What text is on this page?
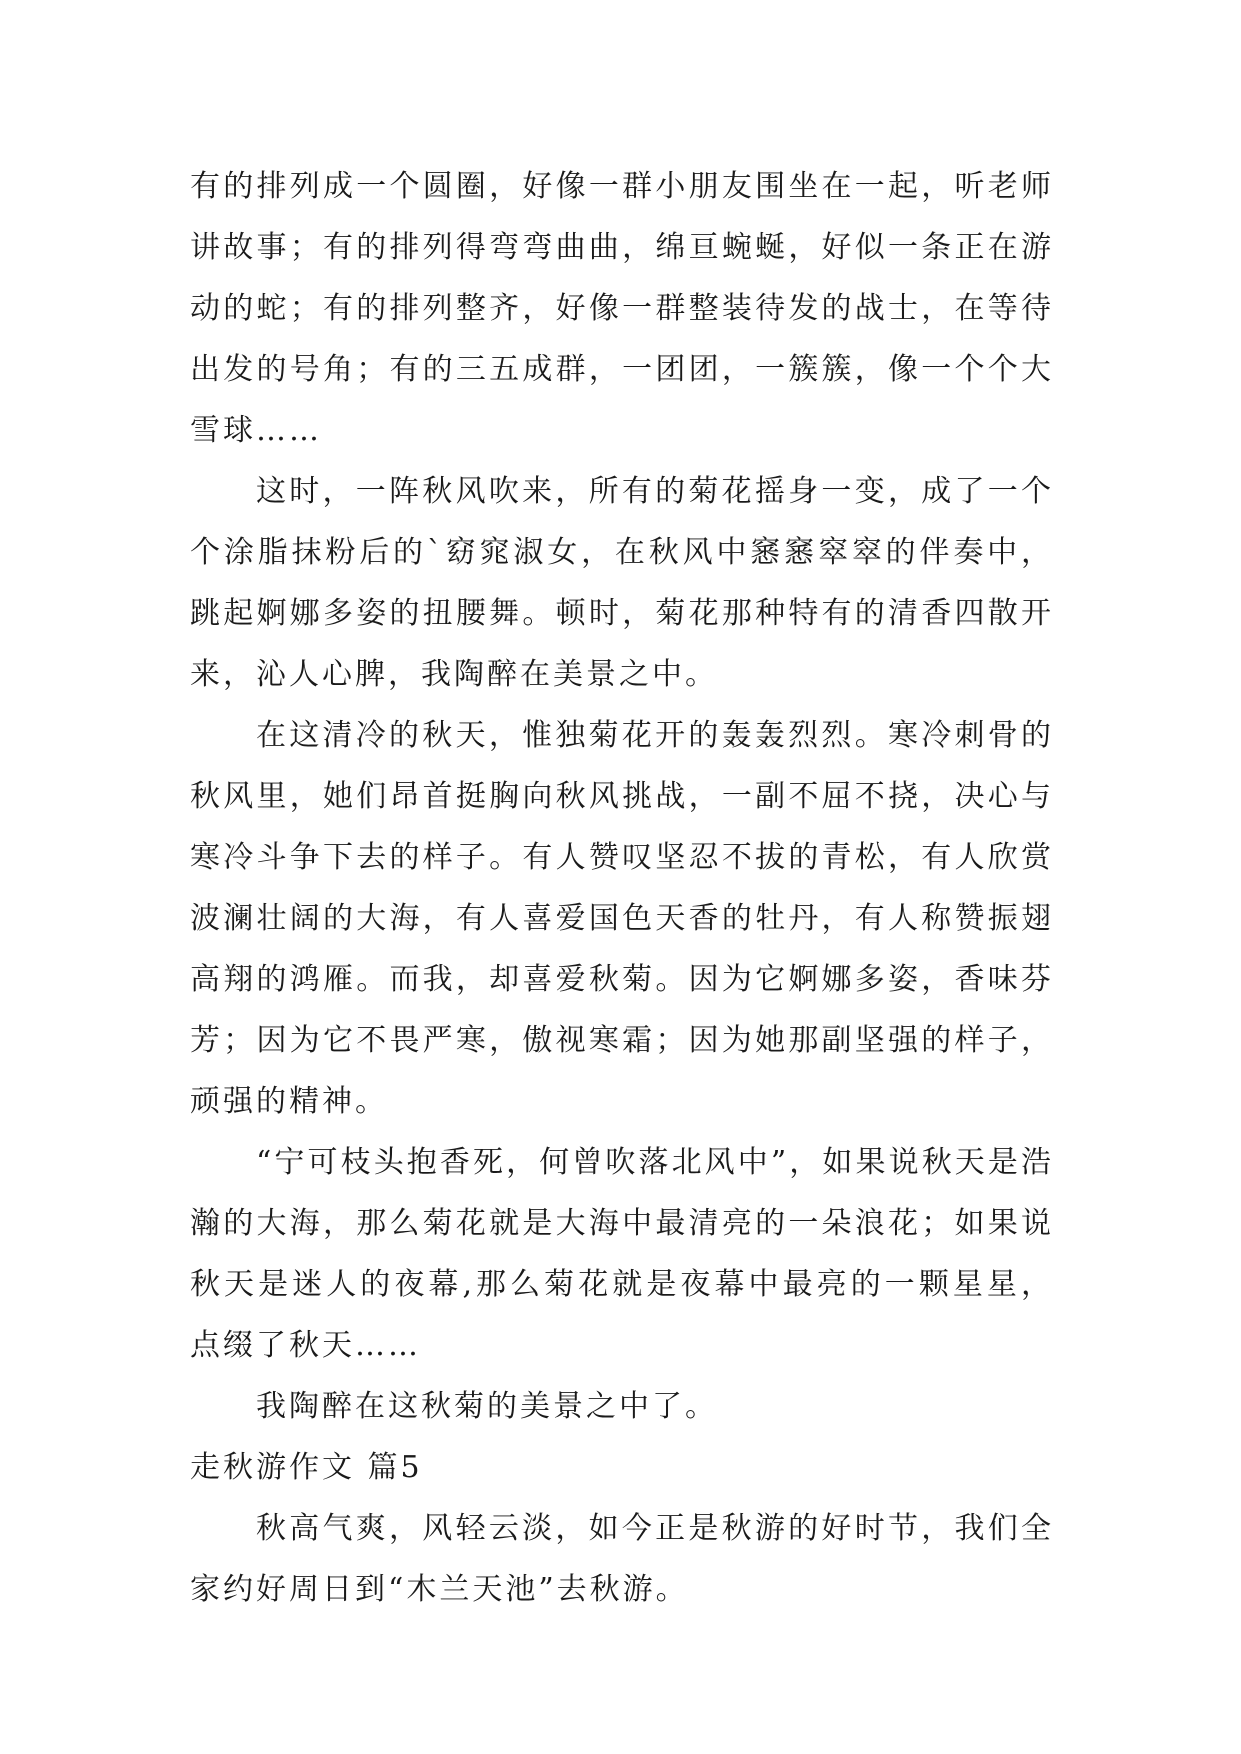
有的排列成一个圆圈，好像一群小朋友围坐在一起，听老师讲故事；有的排列得弯弯曲曲，绵亘蜿蜒，好似一条正在游动的蛇；有的排列整齐，好像一群整装待发的战士，在等待出发的号角；有的三五成群，一团团，一簇簇，像一个个大雪球……

这时，一阵秋风吹来，所有的菊花摇身一变，成了一个个涂脂抹粉后的`窈窕淑女，在秋风中窸窸窣窣的伴奏中，跳起婀娜多姿的扭腰舞。顿时，菊花那种特有的清香四散开来，沁人心脾，我陶醉在美景之中。

在这清冷的秋天，惟独菊花开的轰轰烈烈。寒冷刺骨的秋风里，她们昂首挺胸向秋风挑战，一副不屈不挠，决心与寒冷斗争下去的样子。有人赞叹坚忍不拔的青松，有人欣赏波澜壮阔的大海，有人喜爱国色天香的牡丹，有人称赞振翅高翔的鸿雁。而我，却喜爱秋菊。因为它婀娜多姿，香味芬芳；因为它不畏严寒，傲视寒霜；因为她那副坚强的样子，顽强的精神。

“宁可枝头抱香死，何曾吹落北风中”，如果说秋天是浩瀚的大海，那么菊花就是大海中最清亮的一朵浪花；如果说秋天是迷人的夜幕,那么菊花就是夜幕中最亮的一颗星星，点缀了秋天……

我陶醉在这秋菊的美景之中了。

走秋游作文 篇5

秋高气爽，风轻云淡，如今正是秋游的好时节，我们全家约好周日到“木兰天池”去秋游。
